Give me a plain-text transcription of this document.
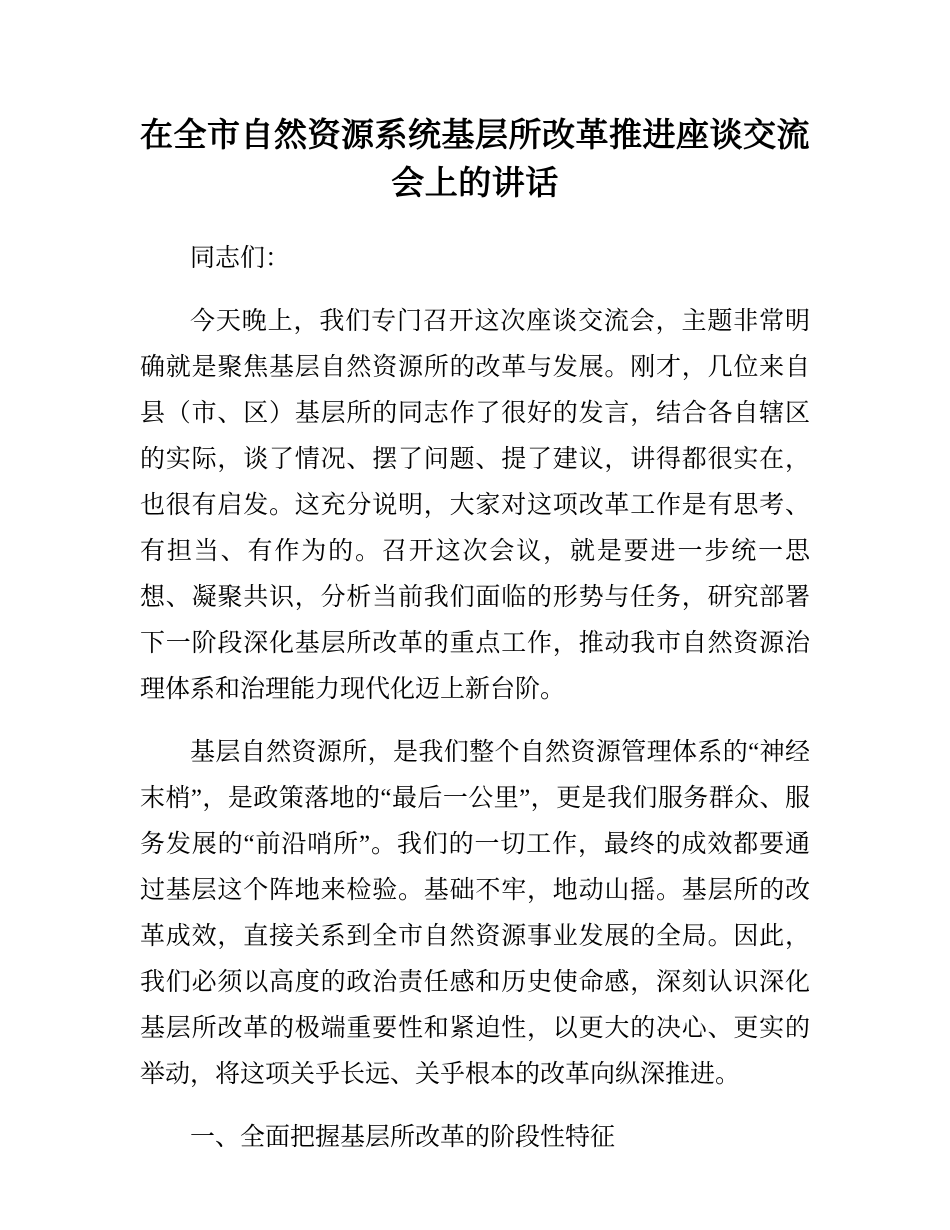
在全市自然资源系统基层所改革推进座谈交流会上的讲话

同志们：

今天晚上，我们专门召开这次座谈交流会，主题非常明确就是聚焦基层自然资源所的改革与发展。刚才，几位来自县（市、区）基层所的同志作了很好的发言，结合各自辖区的实际，谈了情况、摆了问题、提了建议，讲得都很实在，也很有启发。这充分说明，大家对这项改革工作是有思考、有担当、有作为的。召开这次会议，就是要进一步统一思想、凝聚共识，分析当前我们面临的形势与任务，研究部署下一阶段深化基层所改革的重点工作，推动我市自然资源治理体系和治理能力现代化迈上新台阶。

基层自然资源所，是我们整个自然资源管理体系的“神经末梢”，是政策落地的“最后一公里”，更是我们服务群众、服务发展的“前沿哨所”。我们的一切工作，最终的成效都要通过基层这个阵地来检验。基础不牢，地动山摇。基层所的改革成效，直接关系到全市自然资源事业发展的全局。因此，我们必须以高度的政治责任感和历史使命感，深刻认识深化基层所改革的极端重要性和紧迫性，以更大的决心、更实的举动，将这项关乎长远、关乎根本的改革向纵深推进。

一、全面把握基层所改革的阶段性特征
